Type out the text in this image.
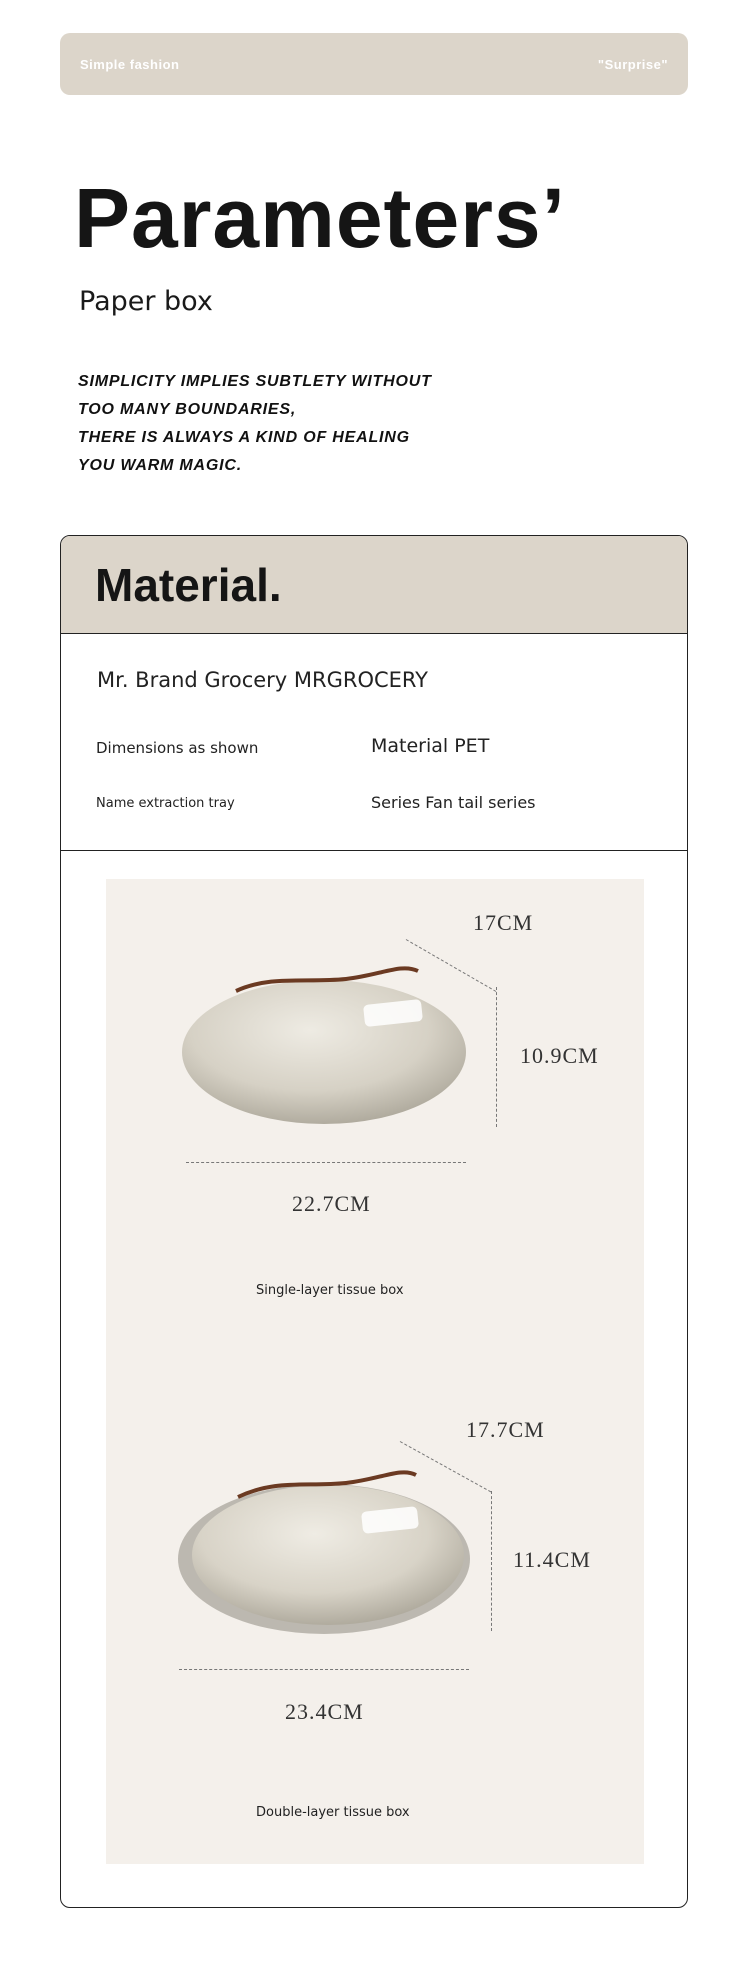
Simple fashion	"Surprise"
Parameters’
Paper box
SIMPLICITY IMPLIES SUBTLETY WITHOUT
TOO MANY BOUNDARIES,
THERE IS ALWAYS A KIND OF HEALING
YOU WARM MAGIC.
Material.
Mr. Brand Grocery MRGROCERY
Dimensions as shown	Material PET
Name extraction tray	Series Fan tail series
17CM
10.9CM
22.7CM
Single-layer tissue box
17.7CM
11.4CM
23.4CM
Double-layer tissue box
